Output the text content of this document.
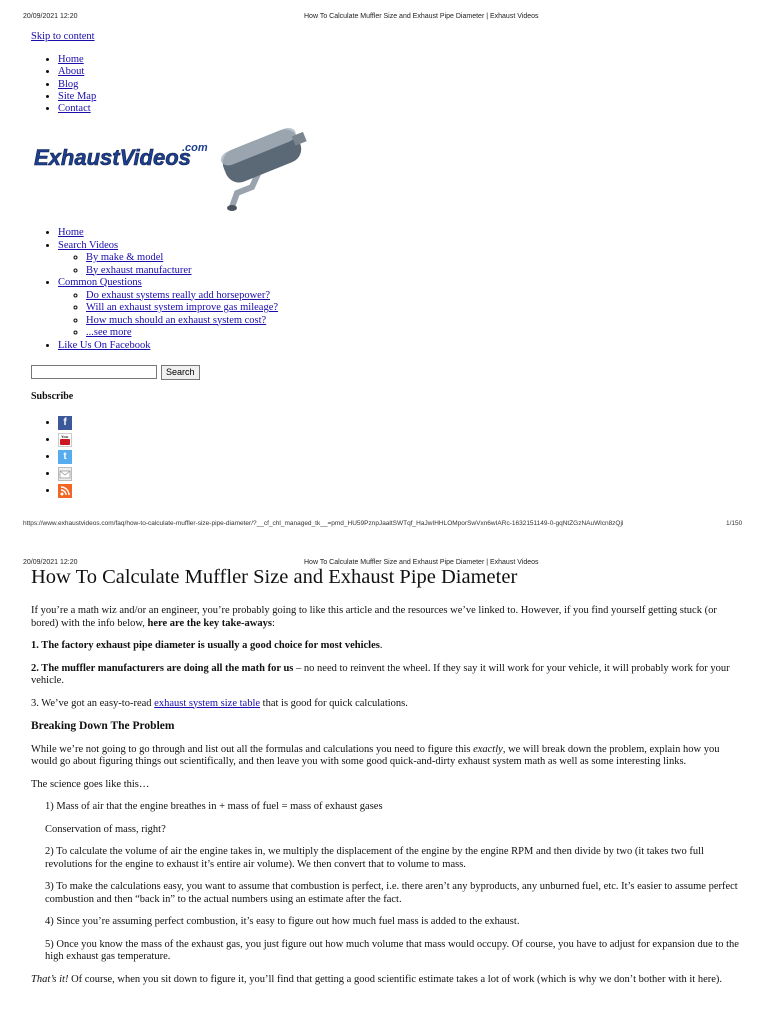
20/09/2021 12:20	How To Calculate Muffler Size and Exhaust Pipe Diameter | Exhaust Videos
Skip to content
• Home
• About
• Blog
• Site Map
• Contact
ExhaustVideos
.com
• Home
• Search Videos
◦ By make & model
◦ By exhaust manufacturer
• Common Questions
◦ Do exhaust systems really add horsepower?
◦ Will an exhaust system improve gas mileage?
◦ How much should an exhaust system cost?
◦ ...see more
• Like Us On Facebook
Search
Subscribe
• f
• You
• t
•
•
https://www.exhaustvideos.com/faq/how-to-calculate-muffler-size-pipe-diameter/?__cf_chl_managed_tk__=pmd_HU59PznpJaaltSWTqf_HaJwIHHLOMporSwVxn6wIARc-1632151149-0-gqNtZGzNAuWlcn8zQjl	1/150
20/09/2021 12:20	How To Calculate Muffler Size and Exhaust Pipe Diameter | Exhaust Videos
How To Calculate Muffler Size and Exhaust Pipe Diameter

If you’re a math wiz and/or an engineer, you’re probably going to like this article and the resources we’ve linked to. However, if you find yourself getting stuck (or bored) with the info below, here are the key take-aways:

1. The factory exhaust pipe diameter is usually a good choice for most vehicles.

2. The muffler manufacturers are doing all the math for us – no need to reinvent the wheel. If they say it will work for your vehicle, it will probably work for your vehicle.

3. We’ve got an easy-to-read exhaust system size table that is good for quick calculations.

Breaking Down The Problem

While we’re not going to go through and list out all the formulas and calculations you need to figure this exactly, we will break down the problem, explain how you would go about figuring things out scientifically, and then leave you with some good quick-and-dirty exhaust system math as well as some interesting links.

The science goes like this…

1) Mass of air that the engine breathes in + mass of fuel = mass of exhaust gases

Conservation of mass, right?

2) To calculate the volume of air the engine takes in, we multiply the displacement of the engine by the engine RPM and then divide by two (it takes two full revolutions for the engine to exhaust it’s entire air volume). We then convert that to volume to mass.

3) To make the calculations easy, you want to assume that combustion is perfect, i.e. there aren’t any byproducts, any unburned fuel, etc. It’s easier to assume perfect combustion and then “back in” to the actual numbers using an estimate after the fact.

4) Since you’re assuming perfect combustion, it’s easy to figure out how much fuel mass is added to the exhaust.

5) Once you know the mass of the exhaust gas, you just figure out how much volume that mass would occupy. Of course, you have to adjust for expansion due to the high exhaust gas temperature.

That’s it! Of course, when you sit down to figure it, you’ll find that getting a good scientific estimate takes a lot of work (which is why we don’t bother with it here).
